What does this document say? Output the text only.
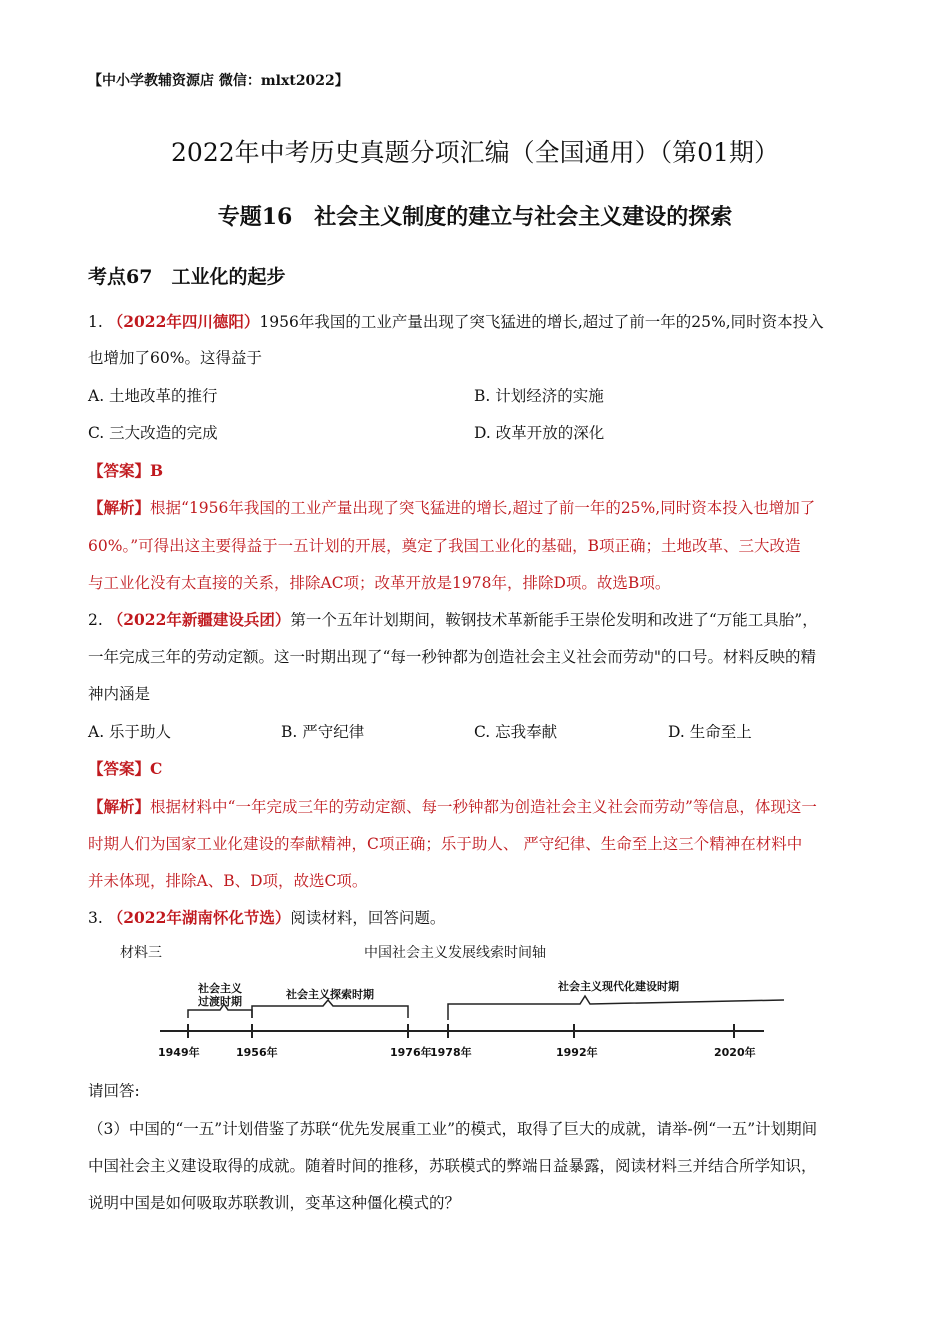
【中小学教辅资源店 微信：mlxt2022】
2022年中考历史真题分项汇编（全国通用）（第01期）
专题16　社会主义制度的建立与社会主义建设的探索
考点67　工业化的起步
1. （2022年四川德阳）1956年我国的工业产量出现了突飞猛进的增长,超过了前一年的25%,同时资本投入
也增加了60%。这得益于
A. 土地改革的推行	B. 计划经济的实施
C. 三大改造的完成	D. 改革开放的深化
【答案】B
【解析】根据“1956年我国的工业产量出现了突飞猛进的增长,超过了前一年的25%,同时资本投入也增加了
60%。”可得出这主要得益于一五计划的开展，奠定了我国工业化的基础，B项正确；土地改革、三大改造
与工业化没有太直接的关系，排除AC项；改革开放是1978年，排除D项。故选B项。
2. （2022年新疆建设兵团）第一个五年计划期间，鞍钢技术革新能手王崇伦发明和改进了“万能工具胎”，
一年完成三年的劳动定额。这一时期出现了“每一秒钟都为创造社会主义社会而劳动"的口号。材料反映的精
神内涵是
A. 乐于助人	B. 严守纪律	C. 忘我奉献	D. 生命至上
【答案】C
【解析】根据材料中“一年完成三年的劳动定额、每一秒钟都为创造社会主义社会而劳动”等信息，体现这一
时期人们为国家工业化建设的奉献精神，C项正确；乐于助人、 严守纪律、生命至上这三个精神在材料中
并未体现，排除A、B、D项，故选C项。
3. （2022年湖南怀化节选）阅读材料，回答问题。
材料三	中国社会主义发展线索时间轴
社会主义
过渡时期
社会主义探索时期
社会主义现代化建设时期
1949年	1956年	1976年
1978年	1992年	2020年
请回答:
（3）中国的“一五”计划借鉴了苏联“优先发展重工业”的模式，取得了巨大的成就，请举-例“一五”计划期间
中国社会主义建设取得的成就。随着时间的推移，苏联模式的弊端日益暴露，阅读材料三并结合所学知识，
说明中国是如何吸取苏联教训，变革这种僵化模式的？
